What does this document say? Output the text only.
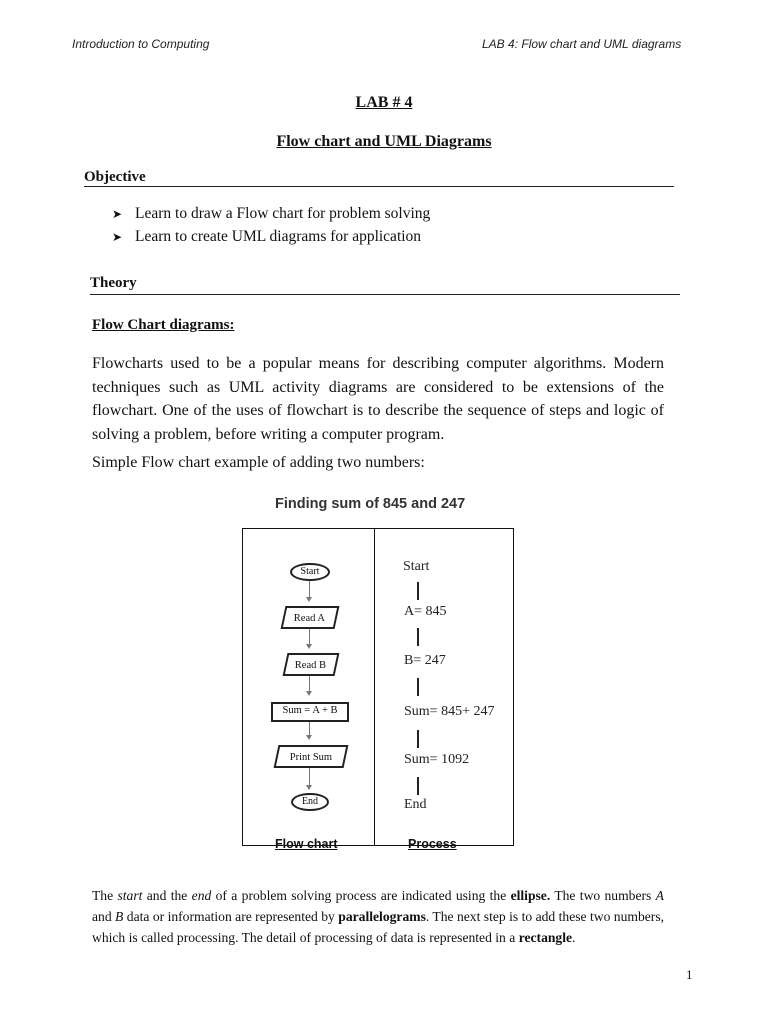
Introduction to Computing	LAB 4: Flow chart and UML diagrams
LAB # 4
Flow chart and UML Diagrams
Objective
➤ Learn to draw a Flow chart for problem solving
➤ Learn to create UML diagrams for application
Theory
Flow Chart diagrams:
Flowcharts used to be a popular means for describing computer algorithms. Modern techniques such as UML activity diagrams are considered to be extensions of the flowchart. One of the uses of flowchart is to describe the sequence of steps and logic of solving a problem, before writing a computer program.
Simple Flow chart example of adding two numbers:
Finding sum of 845 and 247
Start
Read A
Read B
Sum = A + B
Print Sum
End
Start
A= 845
B= 247
Sum= 845+ 247
Sum= 1092
End
Flow chart	Process
The start and the end of a problem solving process are indicated using the ellipse. The two numbers A and B data or information are represented by parallelograms. The next step is to add these two numbers, which is called processing. The detail of processing of data is represented in a rectangle.
1
